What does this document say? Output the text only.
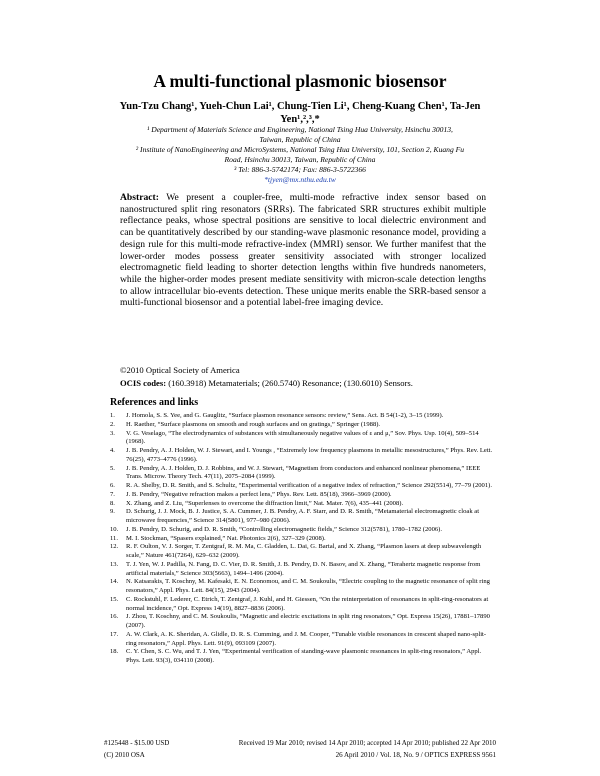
A multi-functional plasmonic biosensor
Yun-Tzu Chang¹, Yueh-Chun Lai¹, Chung-Tien Li¹, Cheng-Kuang Chen¹, Ta-Jen
Yen¹,²,³,*
¹ Department of Materials Science and Engineering, National Tsing Hua University, Hsinchu 30013, Taiwan, Republic of China
² Institute of NanoEngineering and MicroSystems, National Tsing Hua University, 101, Section 2, Kuang Fu Road, Hsinchu 30013, Taiwan, Republic of China
³ Tel: 886-3-5742174; Fax: 886-3-5722366
*tjyen@mx.nthu.edu.tw
Abstract: We present a coupler-free, multi-mode refractive index sensor based on nanostructured split ring resonators (SRRs). The fabricated SRR structures exhibit multiple reflectance peaks, whose spectral positions are sensitive to local dielectric environment and can be quantitatively described by our standing-wave plasmonic resonance model, providing a design rule for this multi-mode refractive-index (MMRI) sensor. We further manifest that the lower-order modes possess greater sensitivity associated with stronger localized electromagnetic field leading to shorter detection lengths within five hundreds nanometers, while the higher-order modes present mediate sensitivity with micron-scale detection lengths to allow intracellular bio-events detection. These unique merits enable the SRR-based sensor a multi-functional biosensor and a potential label-free imaging device.
©2010 Optical Society of America
OCIS codes: (160.3918) Metamaterials; (260.5740) Resonance; (130.6010) Sensors.
References and links
1. J. Homola, S. S. Yee, and G. Gauglitz, “Surface plasmon resonance sensors: review,” Sens. Act. B 54(1-2), 3–15 (1999).
2. H. Raether, “Surface plasmons on smooth and rough surfaces and on gratings,” Springer (1988).
3. V. G. Veselago, “The electrodynamics of substances with simultaneously negative values of ε and μ,” Sov. Phys. Usp. 10(4), 509–514 (1968).
4. J. B. Pendry, A. J. Holden, W. J. Stewart, and I. Youngs , “Extremely low frequency plasmons in metallic mesostructures,” Phys. Rev. Lett. 76(25), 4773–4776 (1996).
5. J. B. Pendry, A. J. Holden, D. J. Robbins, and W. J. Stewart, “Magnetism from conductors and enhanced nonlinear phenomena,” IEEE Trans. Microw. Theory Tech. 47(11), 2075–2084 (1999).
6. R. A. Shelby, D. R. Smith, and S. Schultz, “Experimental verification of a negative index of refraction,” Science 292(5514), 77–79 (2001).
7. J. B. Pendry, “Negative refraction makes a perfect lens,” Phys. Rev. Lett. 85(18), 3966–3969 (2000).
8. X. Zhang, and Z. Liu, “Superlenses to overcome the diffraction limit,” Nat. Mater. 7(6), 435–441 (2008).
9. D. Schurig, J. J. Mock, B. J. Justice, S. A. Cummer, J. B. Pendry, A. F. Starr, and D. R. Smith, “Metamaterial electromagnetic cloak at microwave frequencies,” Science 314(5801), 977–980 (2006).
10. J. B. Pendry, D. Schurig, and D. R. Smith, “Controlling electromagnetic fields,” Science 312(5781), 1780–1782 (2006).
11. M. I. Stockman, “Spasers explained,” Nat. Photonics 2(6), 327–329 (2008).
12. R. F. Oulton, V. J. Sorger, T. Zentgraf, R. M. Ma, C. Gladden, L. Dai, G. Bartal, and X. Zhang, “Plasmon lasers at deep subwavelength scale,” Nature 461(7264), 629–632 (2009).
13. T. J. Yen, W. J. Padilla, N. Fang, D. C. Vier, D. R. Smith, J. B. Pendry, D. N. Basov, and X. Zhang, “Terahertz magnetic response from artificial materials,” Science 303(5663), 1494–1496 (2004).
14. N. Katsarakis, T. Koschny, M. Kafesaki, E. N. Economou, and C. M. Soukoulis, “Electric coupling to the magnetic resonance of split ring resonators,” Appl. Phys. Lett. 84(15), 2943 (2004).
15. C. Rockstuhl, F. Lederer, C. Etrich, T. Zentgraf, J. Kuhl, and H. Giessen, “On the reinterpretation of resonances in split-ring-resonators at normal incidence,” Opt. Express 14(19), 8827–8836 (2006).
16. J. Zhou, T. Koschny, and C. M. Soukoulis, “Magnetic and electric excitations in split ring resonators,” Opt. Express 15(26), 17881–17890 (2007).
17. A. W. Clark, A. K. Sheridan, A. Glidle, D. R. S. Cumming, and J. M. Cooper, “Tunable visible resonances in crescent shaped nano-split-ring resonators,” Appl. Phys. Lett. 91(9), 093109 (2007).
18. C. Y. Chen, S. C. Wu, and T. J. Yen, “Experimental verification of standing-wave plasmonic resonances in split-ring resonators,” Appl. Phys. Lett. 93(3), 034110 (2008).
#125448 - $15.00 USD	Received 19 Mar 2010; revised 14 Apr 2010; accepted 14 Apr 2010; published 22 Apr 2010
(C) 2010 OSA	26 April 2010 / Vol. 18, No. 9 / OPTICS EXPRESS 9561
